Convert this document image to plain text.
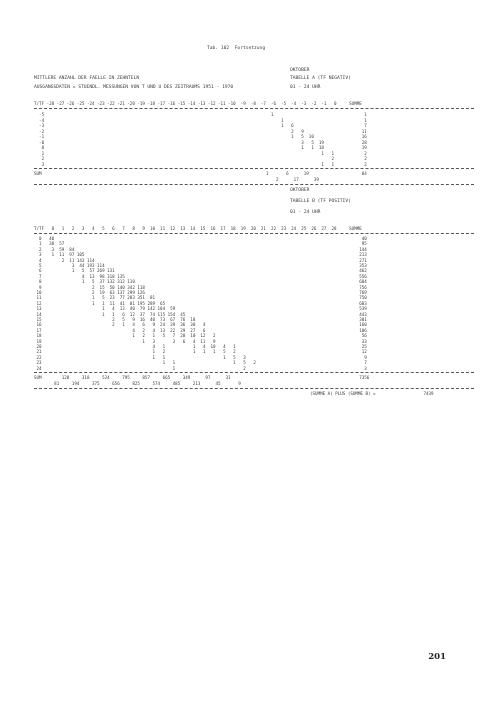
Tab. 102  Fortsetzung
OKTOBER
MITTLERE ANZAHL DER FAELLE IN ZEHNTELN	TABELLE A (TF NEGATIV)
AUSGANGSDATEN = STUENDL. MESSUNGEN VON T UND U DES ZEITRAUMS 1951 - 1970	01 - 24 UHR
T/TF -28 -27 -26 -25 -24 -23 -22 -21 -20 -19 -18 -17 -16 -15 -14 -13 -12 -11 -10  -9  -8  -7  -6  -5  -4  -3  -2  -1   0     SUMME
-5                                                                                          1                                    1
-4                                                                                              1                                1
-3                                                                                              1   6                            7
-2                                                                                                  2   9                       11
-1                                                                                                  1   5  10                   16
-0                                                                                                      3   5  19               28
0                                                                                                      1   1  18               19
1                                                                                                              1   1            2
2                                                                                                                  2            2
3                                                                                                              1   1            2
SUM                                                                                         1       6      19                     84
2      17      39
OKTOBER
TABELLE B (TF POSITIV)
01 - 24 UHR
T/TF   0   1   2   3   4   5   6   7   8   9  10  11  12  13  14  15  16  17  18  19  20  21  22  23  24  25  26  27  28     SUMME
0   40                                                                                                                          40
1   38  57                                                                                                                      95
2    3  59  84                                                                                                                 144
3    1  11  97 105                                                                                                             213
4        2  11 143 114                                                                                                         271
5            3  44 193 114                                                                                                     353
6            1   5  57 269 131                                                                                                 462
7                4  13  98 318 135                                                                                             556
8                1   5  37 132 312 110                                                                                         604
9                    2  15  50 140 342 118                                                                                     756
10                    2  19  63 137 299 126                                                                                     769
11                    1   5  23  77 283 351  81                                                                                 750
12                    1   1  11  41  81 195 289  65                                                                             683
13                        1   4  13  40  79 142 184  59                                                                         539
14                        1   1   6  12  37  74 115 154  45                                                                     443
15                            2   5   9  16  40  73  67  76  18                                                                 301
16                            2   1   4   6   9  24  39  36  30   4                                                             160
17                                    4   2   4  13  22  29  27   6                                                             106
18                                    1   2   1   5   7  20  10  12   2                                                          56
19                                        1   3       3   6   4  11   9                                                          33
20                                            4   1           1   4  10   4   1                                                  25
21                                            1   2           1   1   1   5   2                                                  12
22                                            1   1                       1   5   3                                               9
23                                                1   1                       1   5   2                                           7
24                                                    1                           2                                               3
SUM        128     318     524     795     857     665     349      97      31                                                   7356
81     194     375     656     825     574     485     213      45       9
(SUMME A) PLUS (SUMME B) =                   7439
201
